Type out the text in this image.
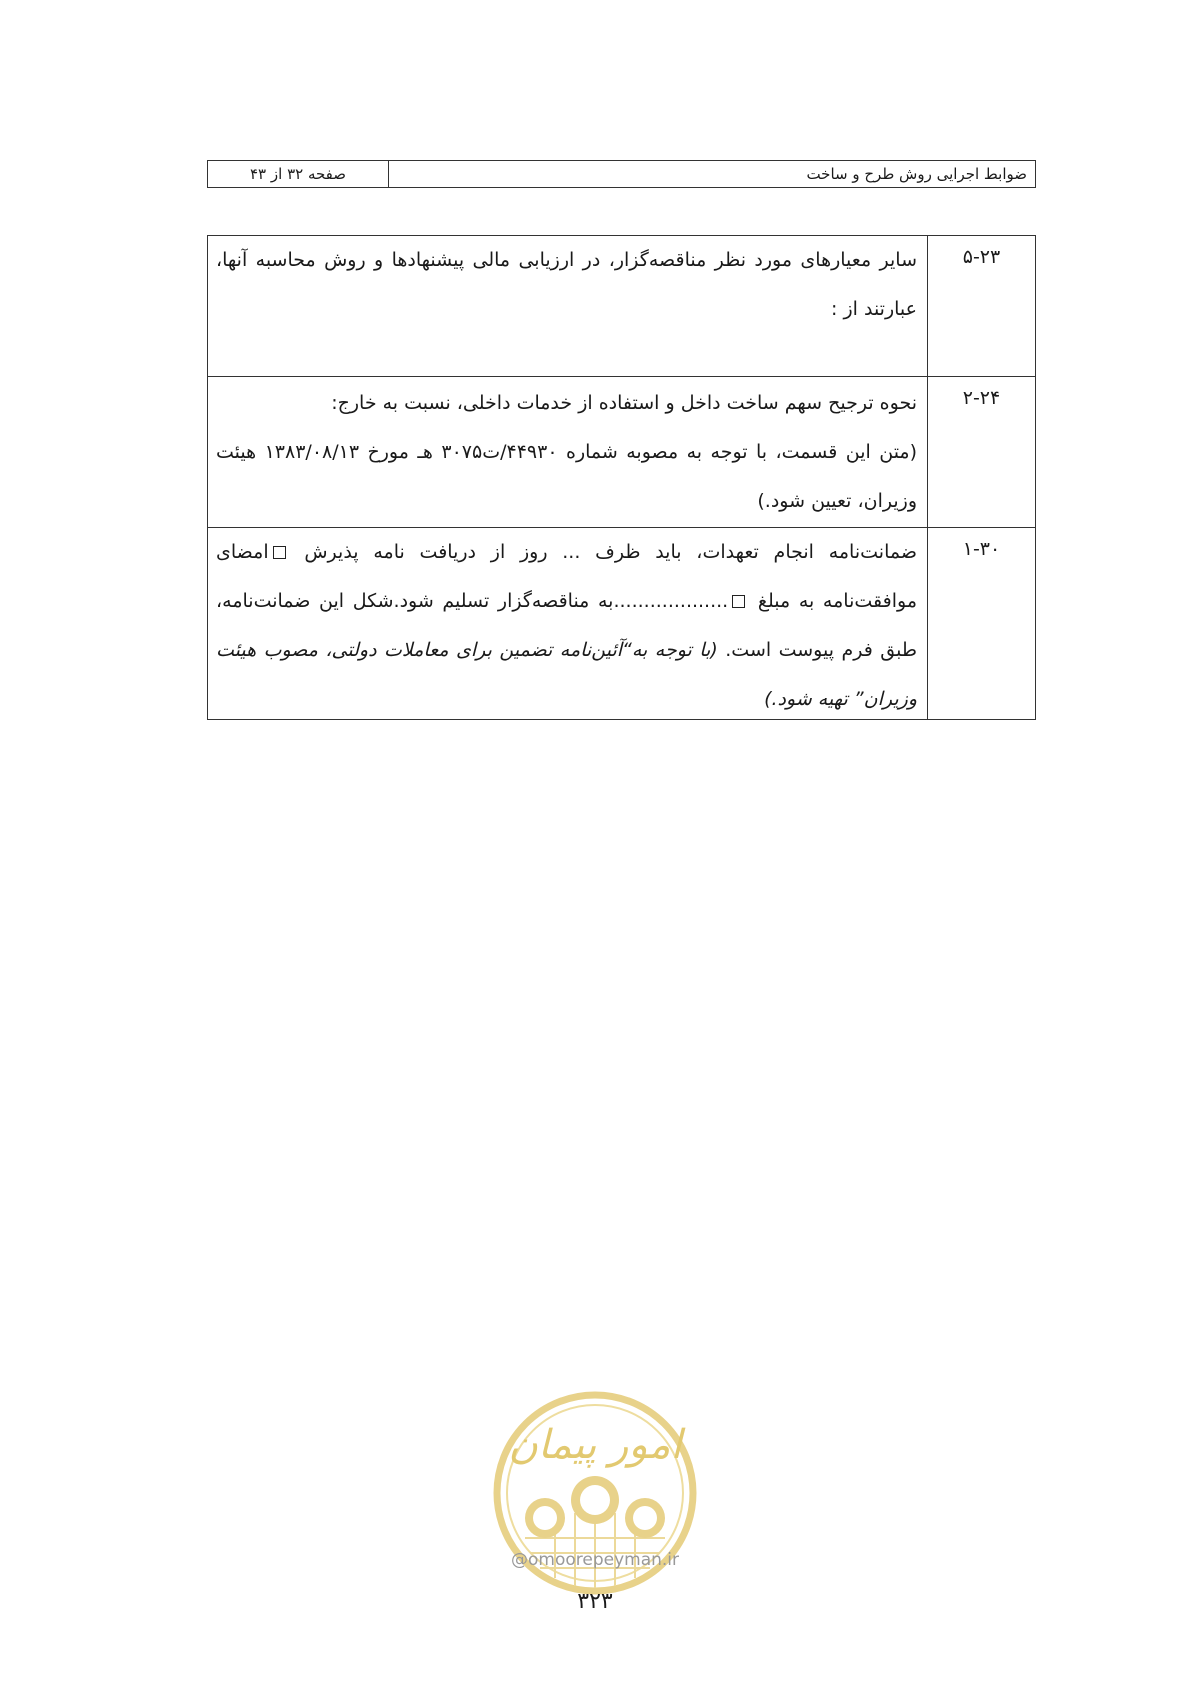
ضوابط اجرایی روش طرح و ساخت
صفحه ۳۲ از ۴۳
۵-۲۳

سایر معیارهای مورد نظر مناقصه‌گزار، در ارزیابی مالی پیشنهادها و روش محاسبه آنها، عبارتند از :

۲-۲۴

نحوه ترجیح سهم ساخت داخل و استفاده از خدمات داخلی، نسبت به خارج:

(متن این قسمت، با توجه به مصوبه شماره ۴۴۹۳۰/ت۳۰۷۵ هـ مورخ ۱۳۸۳/۰۸/۱۳ هیئت وزیران، تعیین شود.)

۱-۳۰

ضمانت‌نامه انجام تعهدات، باید ظرف ... روز از دریافت نامه پذیرش امضای موافقت‌نامه به مبلغ ...................به مناقصه‌گزار تسلیم شود.شکل این ضمانت‌نامه، طبق فرم پیوست است. (با توجه به“آئین‌نامه تضمین برای معاملات دولتی، مصوب هیئت وزیران” تهیه شود.)

امور پیمان
@omoorepeyman.ir
۳۲۳
